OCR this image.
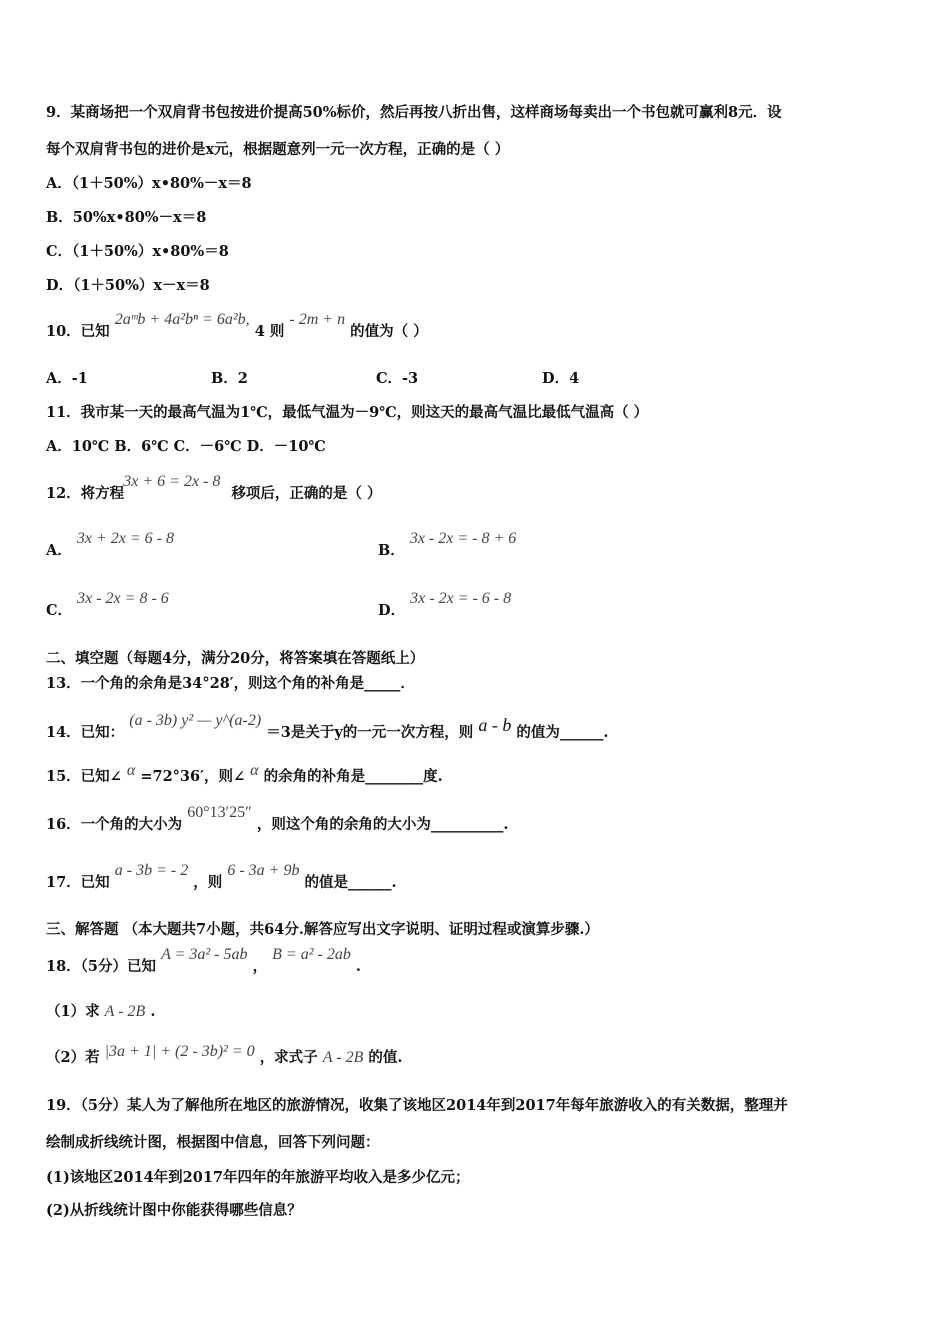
9．某商场把一个双肩背书包按进价提高50%标价，然后再按八折出售，这样商场每卖出一个书包就可赢利8元．设
每个双肩背书包的进价是x元，根据题意列一元一次方程，正确的是（ ）
A．（1＋50%）x•80%－x＝8
B．50%x•80%－x＝8
C．（1＋50%）x•80%＝8
D．（1＋50%）x－x＝8
10．已知 2aᵐb + 4a²bⁿ = 6a²b, 4 则 - 2m + n 的值为（ ）
A．-1	B．2	C．-3	D．4
11．我市某一天的最高气温为1℃，最低气温为－9℃，则这天的最高气温比最低气温高（ ）
A．10℃ B．6℃ C．－6℃ D．－10℃
12．将方程 3x + 6 = 2x - 8 移项后，正确的是（ ）
A． 3x + 2x = 6 - 8
B． 3x - 2x = - 8 + 6
C． 3x - 2x = 8 - 6
D． 3x - 2x = - 6 - 8
二、填空题（每题4分，满分20分，将答案填在答题纸上）
13．一个角的余角是34°28′，则这个角的补角是_____．
14．已知： (a - 3b) y² — y^(a-2) ＝3是关于y的一元一次方程，则 a - b 的值为______.
15．已知∠ α =72°36′，则∠ α 的余角的补角是________度.
16．一个角的大小为 60°13′25″ ，则这个角的余角的大小为__________.
17．已知 a - 3b = - 2 ，则 6 - 3a + 9b 的值是______.
三、解答题 （本大题共7小题，共64分.解答应写出文字说明、证明过程或演算步骤.）
18．（5分）已知 A = 3a² - 5ab ， B = a² - 2ab .
（1）求 A - 2B .
（2）若 |3a + 1| + (2 - 3b)² = 0 ，求式子 A - 2B 的值.
19．（5分）某人为了解他所在地区的旅游情况，收集了该地区2014年到2017年每年旅游收入的有关数据，整理并
绘制成折线统计图，根据图中信息，回答下列问题：
(1)该地区2014年到2017年四年的年旅游平均收入是多少亿元；
(2)从折线统计图中你能获得哪些信息？
